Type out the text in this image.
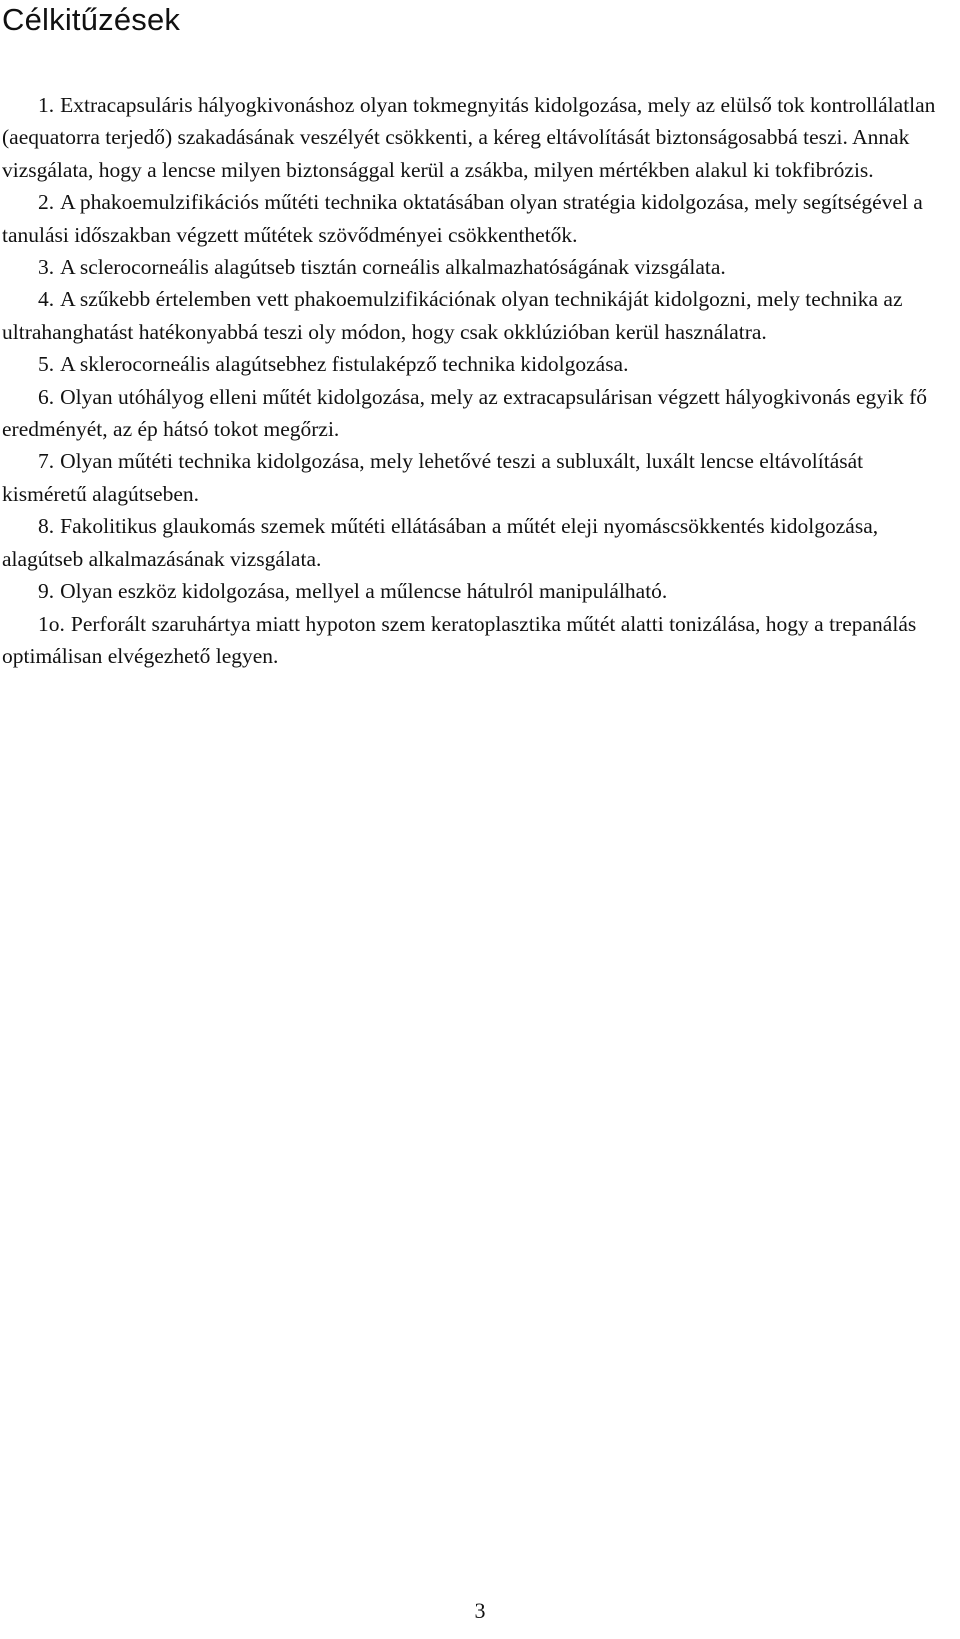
Célkitűzések
1. Extracapsuláris hályogkivonáshoz olyan tokmegnyitás kidolgozása, mely az elülső tok kontrollálatlan (aequatorra terjedő) szakadásának veszélyét csökkenti, a kéreg eltávolítását biztonságosabbá teszi. Annak vizsgálata, hogy a lencse milyen biztonsággal kerül a zsákba, milyen mértékben alakul ki tokfibrózis.
2. A phakoemulzifikációs műtéti technika oktatásában olyan stratégia kidolgozása, mely segítségével a tanulási időszakban végzett műtétek szövődményei csökkenthetők.
3. A sclerocorneális alagútseb tisztán corneális alkalmazhatóságának vizsgálata.
4. A szűkebb értelemben vett phakoemulzifikációnak olyan technikáját kidolgozni, mely technika az ultrahanghatást hatékonyabbá teszi oly módon, hogy csak okklúzióban kerül használatra.
5. A sklerocorneális alagútsebhez fistulaképző technika kidolgozása.
6. Olyan utóhályog elleni műtét kidolgozása, mely az extracapsulárisan végzett hályogkivonás egyik fő eredményét, az ép hátsó tokot megőrzi.
7. Olyan műtéti technika kidolgozása, mely lehetővé teszi a subluxált, luxált lencse eltávolítását kisméretű alagútseben.
8. Fakolitikus glaukomás szemek műtéti ellátásában a műtét eleji nyomáscsökkentés kidolgozása, alagútseb alkalmazásának vizsgálata.
9. Olyan eszköz kidolgozása, mellyel a műlencse hátulról manipulálható.
1o. Perforált szaruhártya miatt hypoton szem keratoplasztika műtét alatti tonizálása, hogy a trepanálás optimálisan elvégezhető legyen.
3
